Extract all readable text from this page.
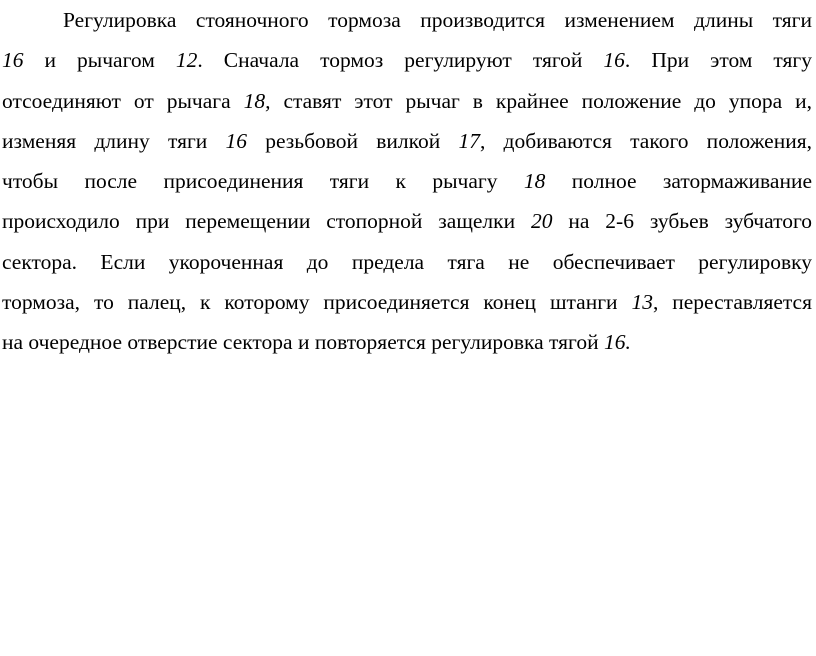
Регулировка стояночного тормоза производится изменением длины тяги
16 и рычагом 12. Сначала тормоз регулируют тягой 16. При этом тягу
отсоединяют от рычага 18, ставят этот рычаг в крайнее положение до упора и,
изменяя длину тяги 16 резьбовой вилкой 17, добиваются такого положения,
чтобы после присоединения тяги к рычагу 18 полное затормаживание
происходило при перемещении стопорной защелки 20 на 2-6 зубьев зубчатого
сектора. Если укороченная до предела тяга не обеспечивает регулировку
тормоза, то палец, к которому присоединяется конец штанги 13, переставляется
на очередное отверстие сектора и повторяется регулировка тягой 16.
